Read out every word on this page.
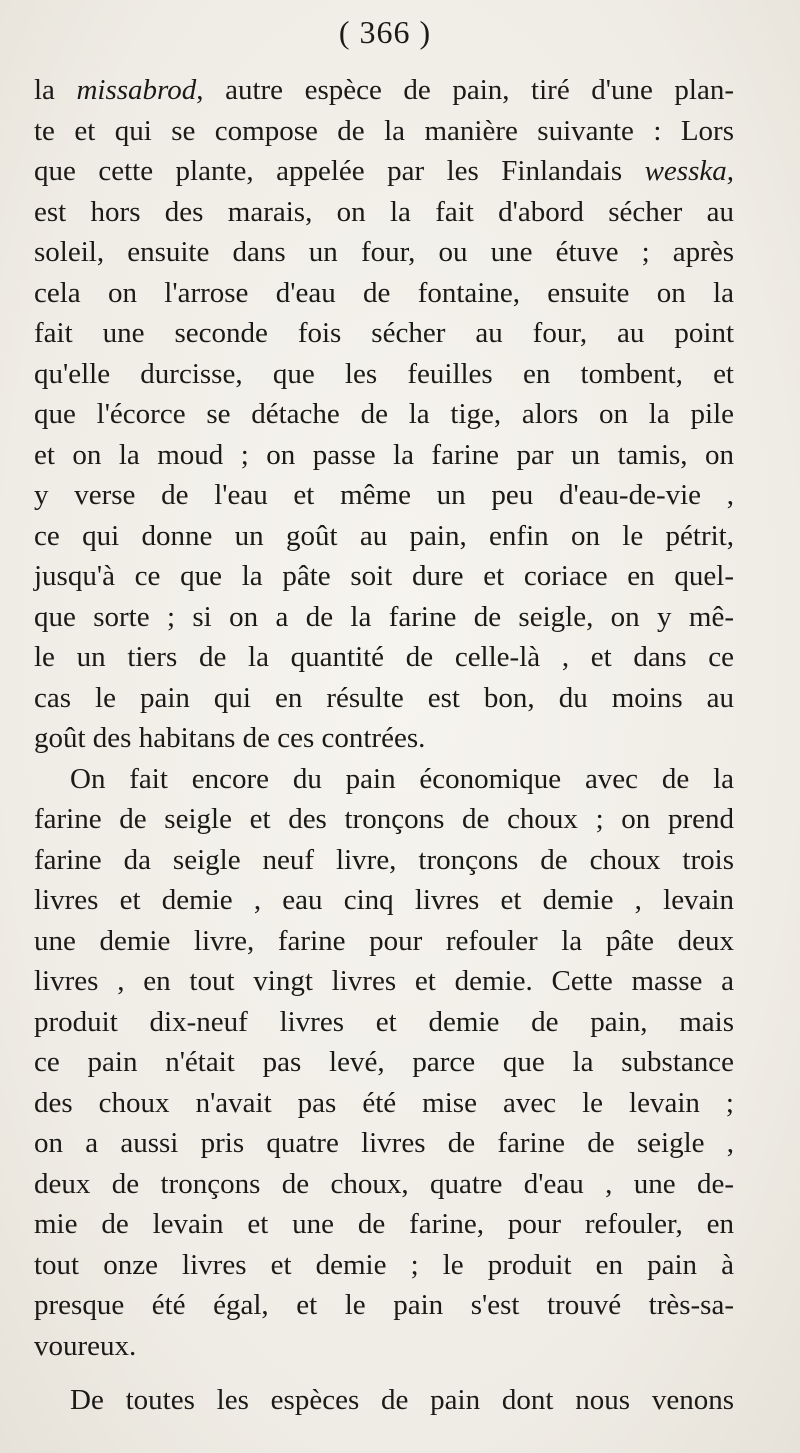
( 366 )
la missabrod, autre espèce de pain, tiré d'une plan-
te et qui se compose de la manière suivante : Lors
que cette plante, appelée par les Finlandais wesska,
est hors des marais, on la fait d'abord sécher au
soleil, ensuite dans un four, ou une étuve ; après
cela on l'arrose d'eau de fontaine, ensuite on la
fait une seconde fois sécher au four, au point
qu'elle durcisse, que les feuilles en tombent, et
que l'écorce se détache de la tige, alors on la pile
et on la moud ; on passe la farine par un tamis, on
y verse de l'eau et même un peu d'eau-de-vie ,
ce qui donne un goût au pain, enfin on le pétrit,
jusqu'à ce que la pâte soit dure et coriace en quel-
que sorte ; si on a de la farine de seigle, on y mê-
le un tiers de la quantité de celle-là , et dans ce
cas le pain qui en résulte est bon, du moins au
goût des habitans de ces contrées.
On fait encore du pain économique avec de la
farine de seigle et des tronçons de choux ; on prend
farine da seigle neuf livre, tronçons de choux trois
livres et demie , eau cinq livres et demie , levain
une demie livre, farine pour refouler la pâte deux
livres , en tout vingt livres et demie. Cette masse a
produit dix-neuf livres et demie de pain, mais
ce pain n'était pas levé, parce que la substance
des choux n'avait pas été mise avec le levain ;
on a aussi pris quatre livres de farine de seigle ,
deux de tronçons de choux, quatre d'eau , une de-
mie de levain et une de farine, pour refouler, en
tout onze livres et demie ; le produit en pain à
presque été égal, et le pain s'est trouvé très-sa-
voureux.
De toutes les espèces de pain dont nous venons
